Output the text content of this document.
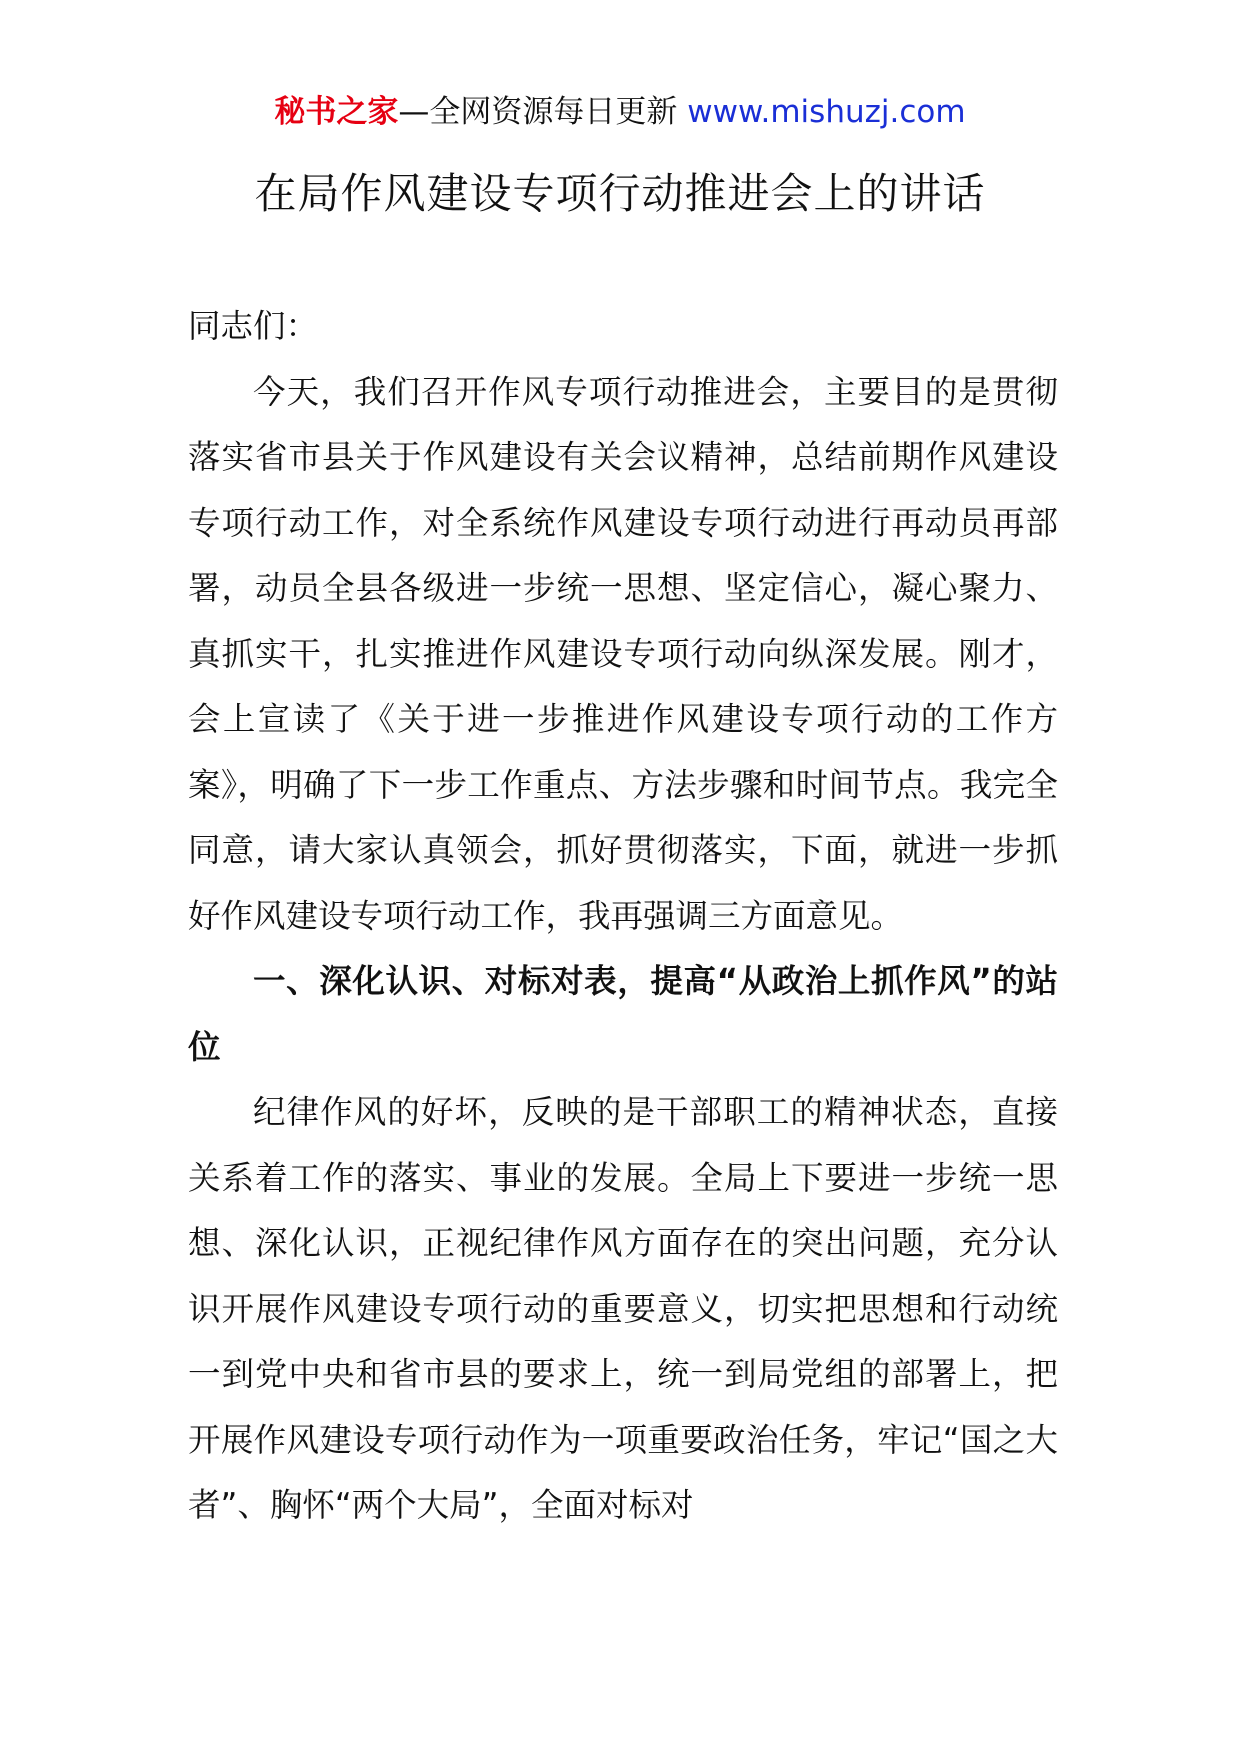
秘书之家—全网资源每日更新 www.mishuzj.com
在局作风建设专项行动推进会上的讲话

同志们：

今天，我们召开作风专项行动推进会，主要目的是贯彻落实省市县关于作风建设有关会议精神，总结前期作风建设专项行动工作，对全系统作风建设专项行动进行再动员再部署，动员全县各级进一步统一思想、坚定信心，凝心聚力、真抓实干，扎实推进作风建设专项行动向纵深发展。刚才，会上宣读了《关于进一步推进作风建设专项行动的工作方案》，明确了下一步工作重点、方法步骤和时间节点。我完全同意，请大家认真领会，抓好贯彻落实，下面，就进一步抓好作风建设专项行动工作，我再强调三方面意见。

一、深化认识、对标对表，提高“从政治上抓作风”的站位

纪律作风的好坏，反映的是干部职工的精神状态，直接关系着工作的落实、事业的发展。全局上下要进一步统一思想、深化认识，正视纪律作风方面存在的突出问题，充分认识开展作风建设专项行动的重要意义，切实把思想和行动统一到党中央和省市县的要求上，统一到局党组的部署上，把开展作风建设专项行动作为一项重要政治任务，牢记“国之大者”、胸怀“两个大局”，全面对标对
